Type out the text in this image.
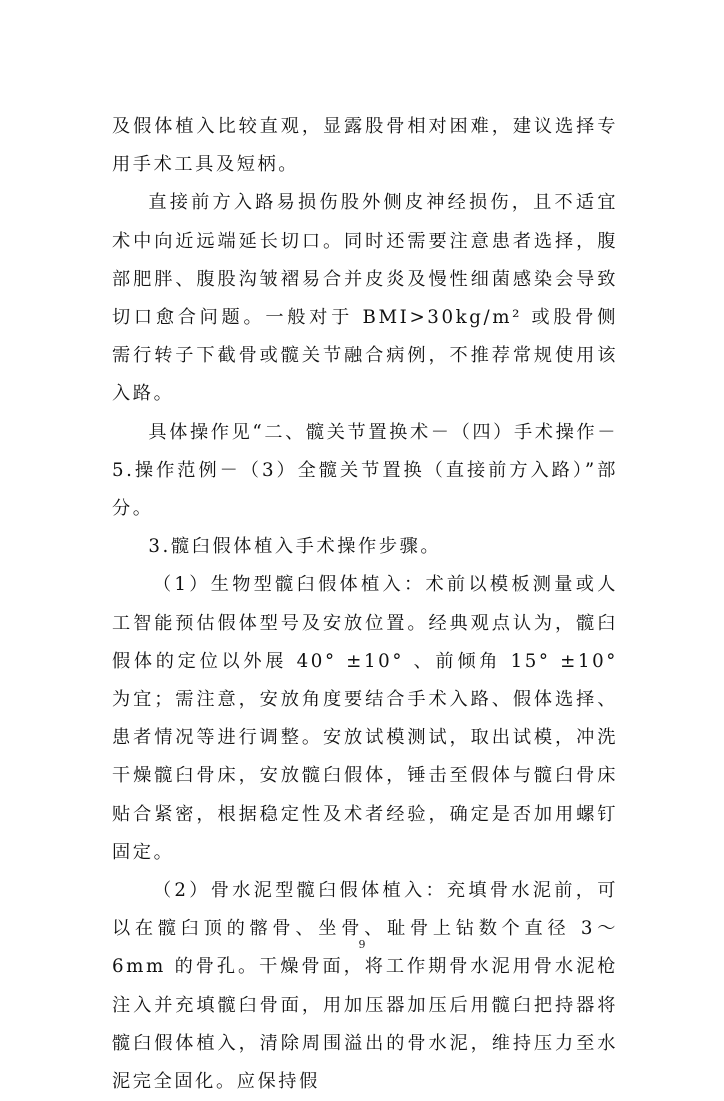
及假体植入比较直观，显露股骨相对困难，建议选择专用手术工具及短柄。

直接前方入路易损伤股外侧皮神经损伤，且不适宜术中向近远端延长切口。同时还需要注意患者选择，腹部肥胖、腹股沟皱褶易合并皮炎及慢性细菌感染会导致切口愈合问题。一般对于 BMI>30kg/m² 或股骨侧需行转子下截骨或髋关节融合病例，不推荐常规使用该入路。

具体操作见“二、髋关节置换术－（四）手术操作－5.操作范例－（3）全髋关节置换（直接前方入路）”部分。

3.髋臼假体植入手术操作步骤。

（1）生物型髋臼假体植入：术前以模板测量或人工智能预估假体型号及安放位置。经典观点认为，髋臼假体的定位以外展 40° ±10° 、前倾角 15° ±10° 为宜；需注意，安放角度要结合手术入路、假体选择、患者情况等进行调整。安放试模测试，取出试模，冲洗干燥髋臼骨床，安放髋臼假体，锤击至假体与髋臼骨床贴合紧密，根据稳定性及术者经验，确定是否加用螺钉固定。

（2）骨水泥型髋臼假体植入：充填骨水泥前，可以在髋臼顶的髂骨、坐骨、耻骨上钻数个直径 3～6mm 的骨孔。干燥骨面，将工作期骨水泥用骨水泥枪注入并充填髋臼骨面，用加压器加压后用髋臼把持器将髋臼假体植入，清除周围溢出的骨水泥，维持压力至水泥完全固化。应保持假

9
